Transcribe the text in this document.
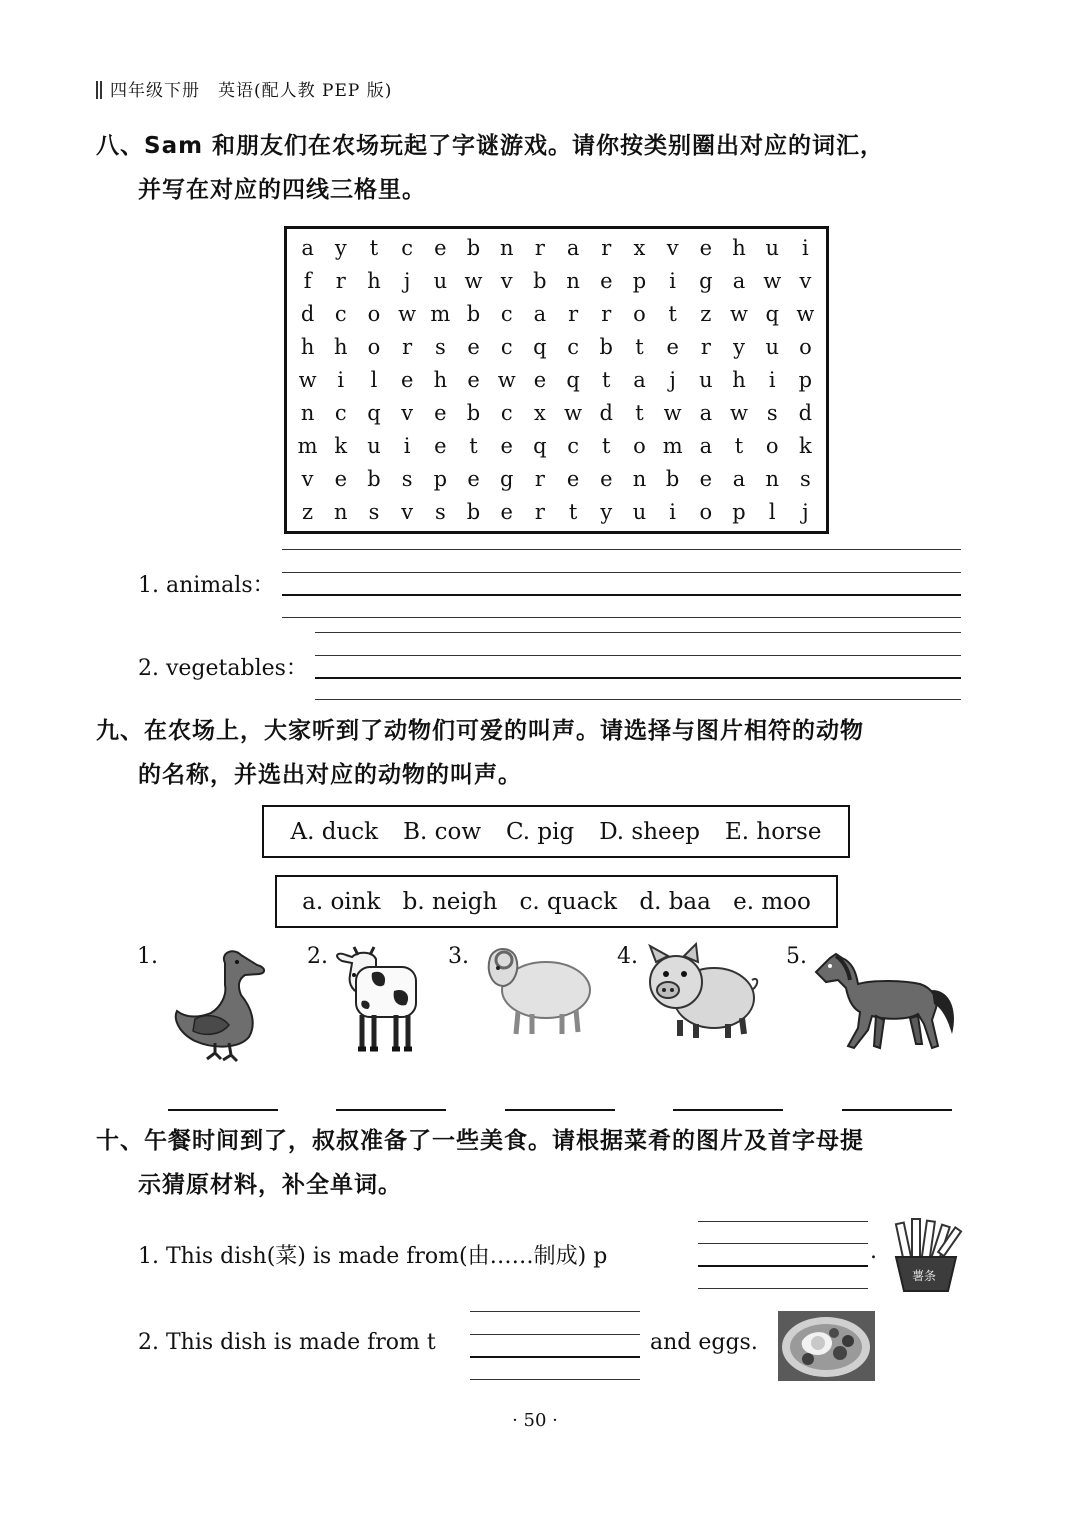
四年级下册　英语(配人教 PEP 版)
八、Sam 和朋友们在农场玩起了字谜游戏。请你按类别圈出对应的词汇，
并写在对应的四线三格里。
a y	t	c	e b n	r	a	r	x	v	e h u	i
f	r	h	j	u w v b n e p	i	g a w v
d c o w m b c	a	r	r	o	t	z w q w
h h o	r	s	e	c q c b	t	e	r	y u o
w i	l	e h e w e q	t	a	j	u h	i	p
n c q v	e b c	x w d	t w a w s	d
m k u	i	e	t	e q c	t	o m a	t	o k
v	e b	s	p e g	r	e e n b e a n	s
z n	s	v	s	b e	r	t	y u	i	o p	l	j
1. animals：
2. vegetables：
九、在农场上，大家听到了动物们可爱的叫声。请选择与图片相符的动物
的名称，并选出对应的动物的叫声。
A. duck B. cow C. pig D. sheep E. horse
a. oink b. neigh c. quack d. baa e. moo
1.	2.	3.	4.	5.
十、午餐时间到了，叔叔准备了一些美食。请根据菜肴的图片及首字母提
示猜原材料，补全单词。
1. This dish(菜) is made from(由……制成) p	.
薯条
2. This dish is made from t	and eggs.
· 50 ·
